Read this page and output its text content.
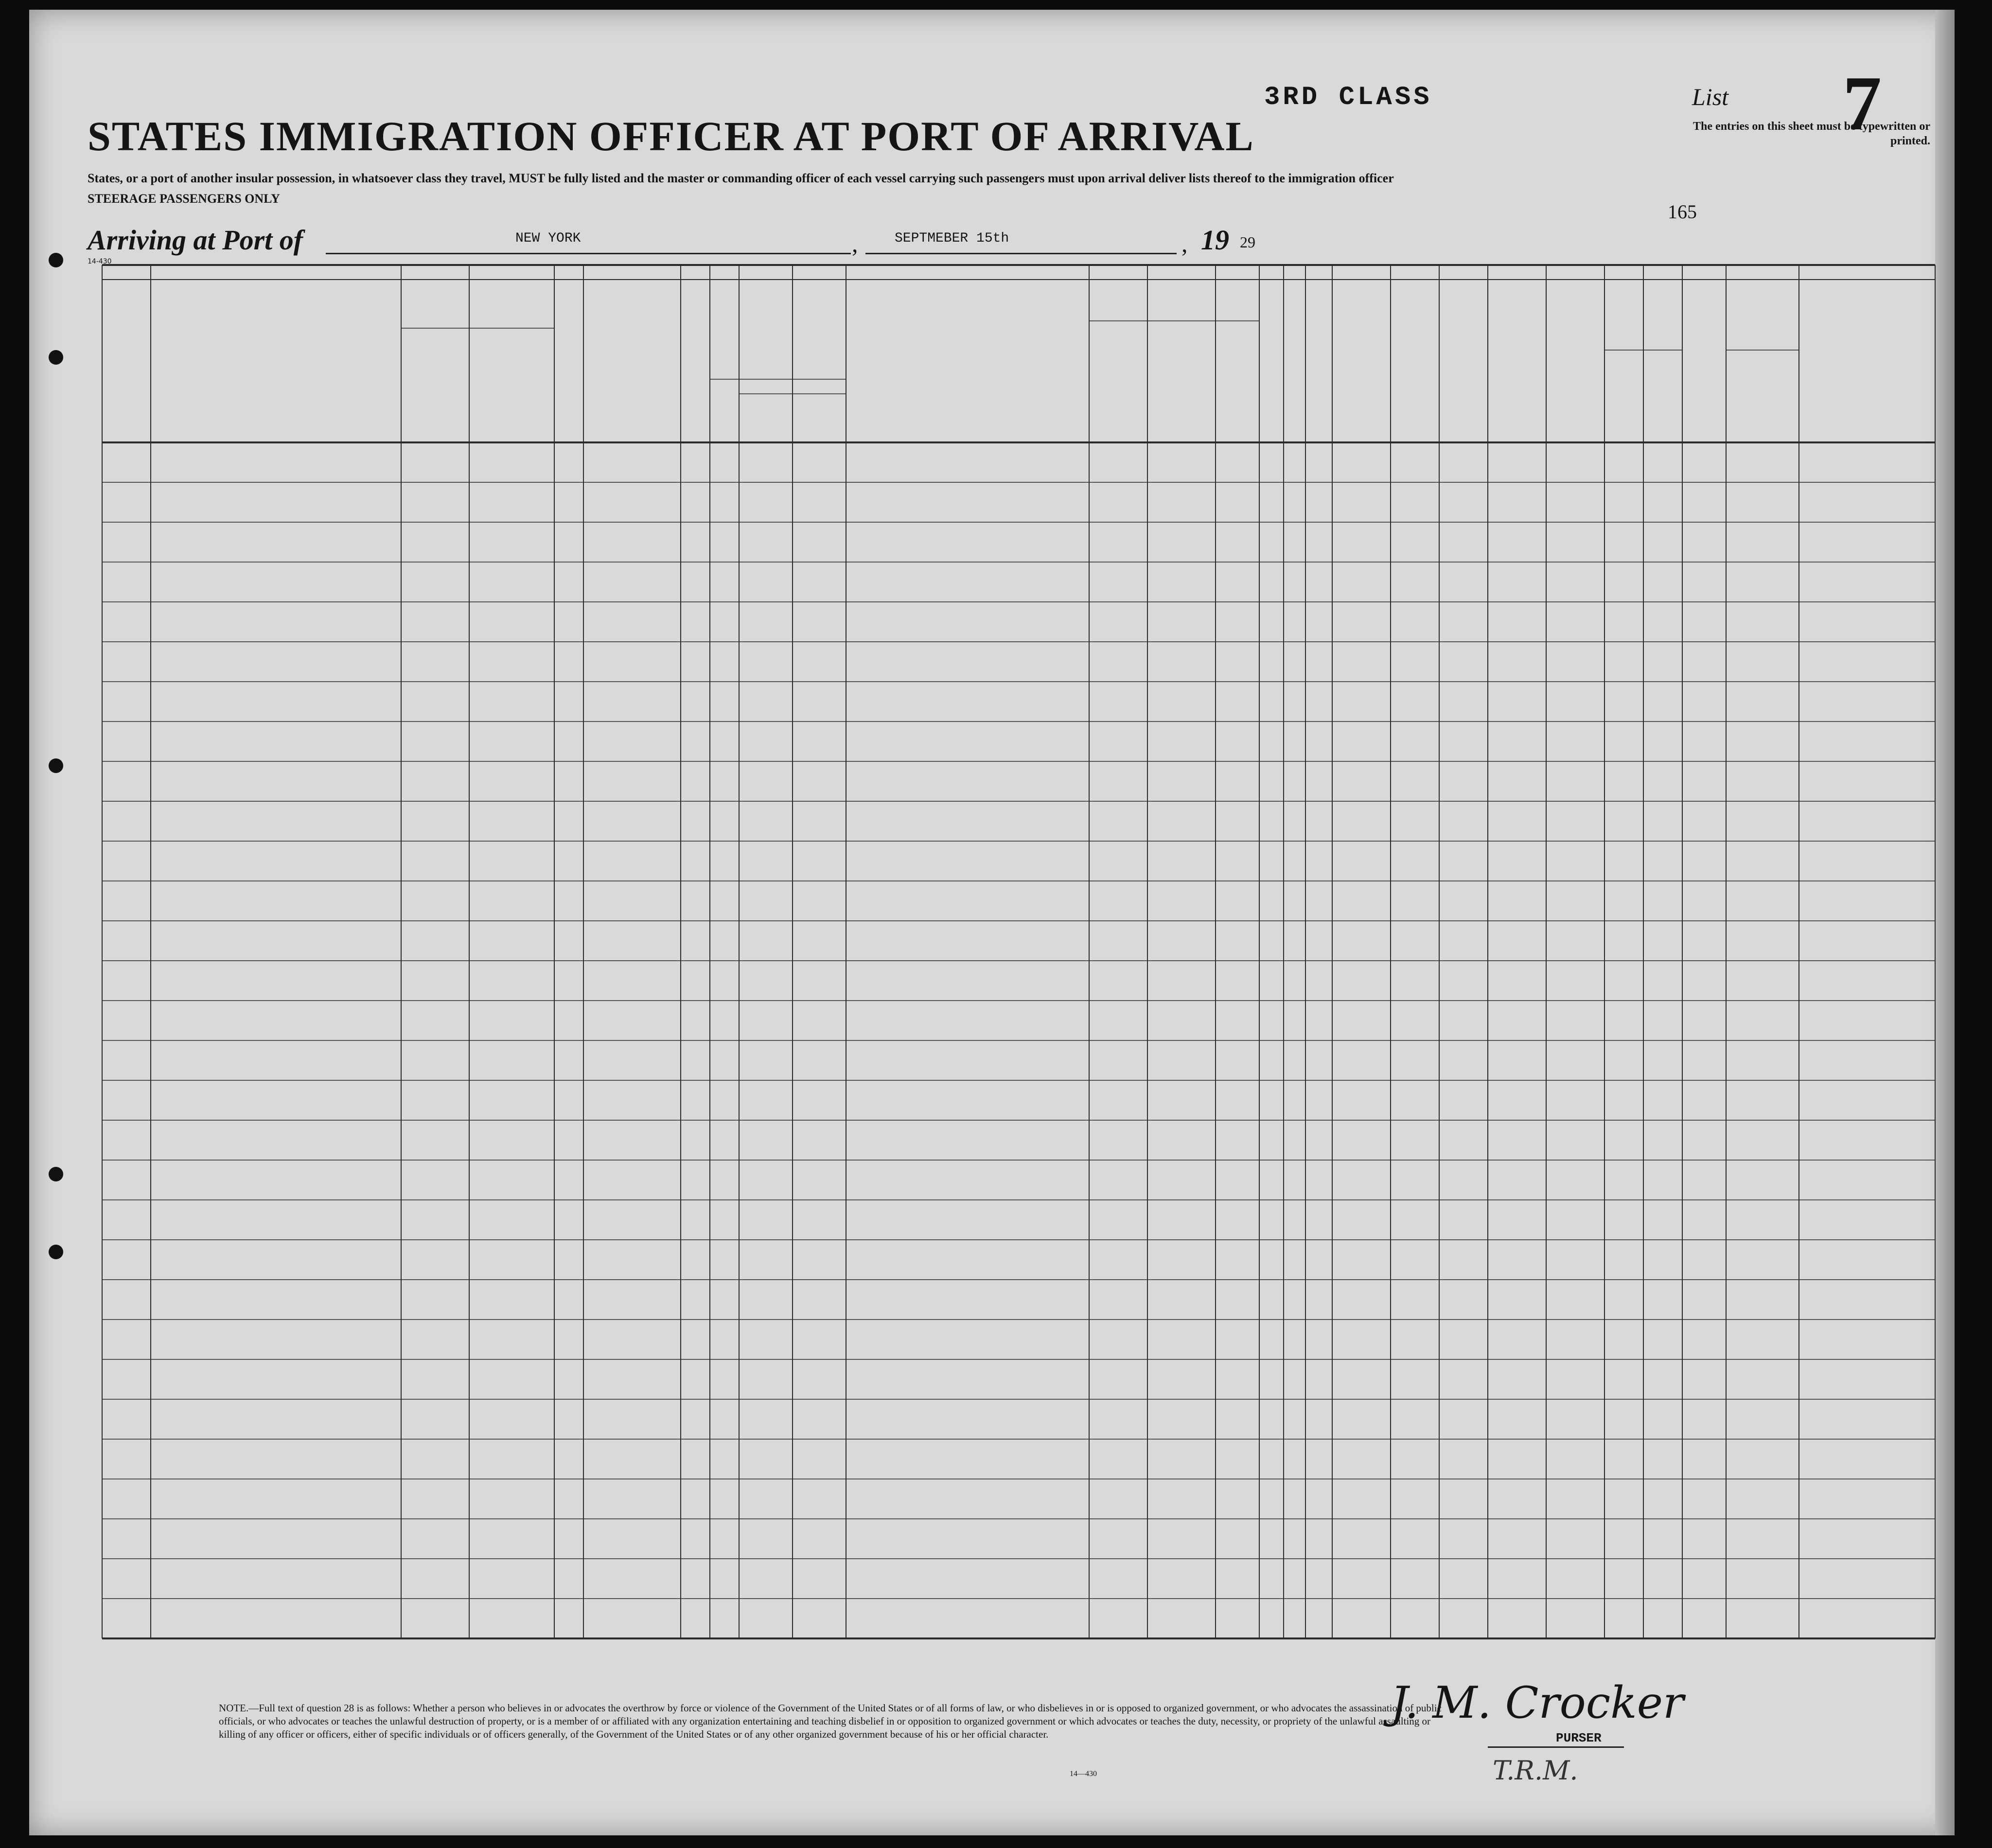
3RD CLASS	List 7
The entries on this sheet must be typewritten or printed.
STATES IMMIGRATION OFFICER AT PORT OF ARRIVAL
States, or a port of another insular possession, in whatsoever class they travel, MUST be fully listed and the master or commanding officer of each vessel carrying such passengers must upon arrival deliver lists thereof to the immigration officer
STEERAGE PASSENGERS ONLY
165
Arriving at Port of	NEW YORK	,	SEPTMEBER 15th	, 19 29
14-430
NOTE.—Full text of question 28 is as follows: Whether a person who believes in or advocates the overthrow by force or violence of the Government of the United States or of all forms of law, or who disbelieves in or is opposed to organized government, or who advocates the assassination of public officials, or who advocates or teaches the unlawful destruction of property, or is a member of or affiliated with any organization entertaining and teaching disbelief in or opposition to organized government or which advocates or teaches the duty, necessity, or propriety of the unlawful assaulting or killing of any officer or officers, either of specific individuals or of officers generally, of the Government of the United States or of any other organized government because of his or her official character.
14—430
J. M. Crocker
PURSER
T.R.M.
